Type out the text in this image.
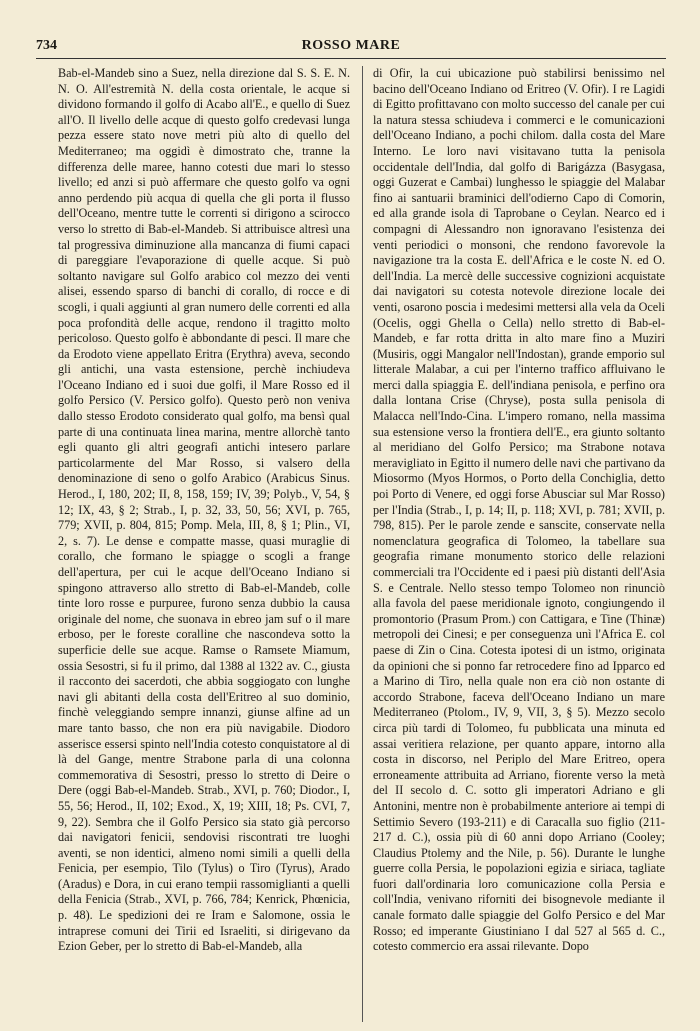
734	ROSSO MARE

Bab-el-Mandeb sino a Suez, nella direzione dal S. S. E. N. N. O. All'estremità N. della costa orientale, le acque si dividono formando il golfo di Acabo all'E., e quello di Suez all'O. Il livello delle acque di questo golfo credevasi lunga pezza essere stato nove metri più alto di quello del Mediterraneo; ma oggidì è dimostrato che, tranne la differenza delle maree, hanno cotesti due mari lo stesso livello; ed anzi si può affermare che questo golfo va ogni anno perdendo più acqua di quella che gli porta il flusso dell'Oceano, mentre tutte le correnti si dirigono a scirocco verso lo stretto di Bab-el-Mandeb. Si attribuisce altresì una tal progressiva diminuzione alla mancanza di fiumi capaci di pareggiare l'evaporazione di quelle acque. Si può soltanto navigare sul Golfo arabico col mezzo dei venti alisei, essendo sparso di banchi di corallo, di rocce e di scogli, i quali aggiunti al gran numero delle correnti ed alla poca profondità delle acque, rendono il tragitto molto pericoloso. Questo golfo è abbondante di pesci. Il mare che da Erodoto viene appellato Eritra (Erythra) aveva, secondo gli antichi, una vasta estensione, perchè inchiudeva l'Oceano Indiano ed i suoi due golfi, il Mare Rosso ed il golfo Persico (V. Persico golfo). Questo però non veniva dallo stesso Erodoto considerato qual golfo, ma bensì qual parte di una continuata linea marina, mentre allorchè tanto egli quanto gli altri geografi antichi intesero parlare particolarmente del Mar Rosso, si valsero della denominazione di seno o golfo Arabico (Arabicus Sinus. Herod., I, 180, 202; II, 8, 158, 159; IV, 39; Polyb., V, 54, § 12; IX, 43, § 2; Strab., I, p. 32, 33, 50, 56; XVI, p. 765, 779; XVII, p. 804, 815; Pomp. Mela, III, 8, § 1; Plin., VI, 2, s. 7). Le dense e compatte masse, quasi muraglie di corallo, che formano le spiagge o scogli a frange dell'apertura, per cui le acque dell'Oceano Indiano si spingono attraverso allo stretto di Bab-el-Mandeb, colle tinte loro rosse e purpuree, furono senza dubbio la causa originale del nome, che suonava in ebreo jam suf o il mare erboso, per le foreste coralline che nascondeva sotto la superficie delle sue acque. Ramse o Ramsete Miamum, ossia Sesostri, si fu il primo, dal 1388 al 1322 av. C., giusta il racconto dei sacerdoti, che abbia soggiogato con lunghe navi gli abitanti della costa dell'Eritreo al suo dominio, finchè veleggiando sempre innanzi, giunse alfine ad un mare tanto basso, che non era più navigabile. Diodoro asserisce essersi spinto nell'India cotesto conquistatore al di là del Gange, mentre Strabone parla di una colonna commemorativa di Sesostri, presso lo stretto di Deire o Dere (oggi Bab-el-Mandeb. Strab., XVI, p. 760; Diodor., I, 55, 56; Herod., II, 102; Exod., X, 19; XIII, 18; Ps. CVI, 7, 9, 22). Sembra che il Golfo Persico sia stato già percorso dai navigatori fenicii, sendovisi riscontrati tre luoghi aventi, se non identici, almeno nomi simili a quelli della Fenicia, per esempio, Tilo (Tylus) o Tiro (Tyrus), Arado (Aradus) e Dora, in cui erano tempii rassomiglianti a quelli della Fenicia (Strab., XVI, p. 766, 784; Kenrick, Phœnicia, p. 48). Le spedizioni dei re Iram e Salomone, ossia le intraprese comuni dei Tirii ed Israeliti, si dirigevano da Ezion Geber, per lo stretto di Bab-el-Mandeb, alla

di Ofir, la cui ubicazione può stabilirsi benissimo nel bacino dell'Oceano Indiano od Eritreo (V. Ofir). I re Lagidi di Egitto profittavano con molto successo del canale per cui la natura stessa schiudeva i commerci e le comunicazioni dell'Oceano Indiano, a pochi chilom. dalla costa del Mare Interno. Le loro navi visitavano tutta la penisola occidentale dell'India, dal golfo di Barigázza (Basygasa, oggi Guzerat e Cambai) lunghesso le spiaggie del Malabar fino ai santuarii braminici dell'odierno Capo di Comorin, ed alla grande isola di Taprobane o Ceylan. Nearco ed i compagni di Alessandro non ignoravano l'esistenza dei venti periodici o monsoni, che rendono favorevole la navigazione tra la costa E. dell'Africa e le coste N. ed O. dell'India. La mercè delle successive cognizioni acquistate dai navigatori su cotesta notevole direzione locale dei venti, osarono poscia i medesimi mettersi alla vela da Oceli (Ocelis, oggi Ghella o Cella) nello stretto di Bab-el-Mandeb, e far rotta dritta in alto mare fino a Muziri (Musiris, oggi Mangalor nell'Indostan), grande emporio sul litterale Malabar, a cui per l'interno traffico affluivano le merci dalla spiaggia E. dell'indiana penisola, e perfino ora dalla lontana Crise (Chryse), posta sulla penisola di Malacca nell'Indo-Cina. L'impero romano, nella massima sua estensione verso la frontiera dell'E., era giunto soltanto al meridiano del Golfo Persico; ma Strabone notava meravigliato in Egitto il numero delle navi che partivano da Miosormo (Myos Hormos, o Porto della Conchiglia, detto poi Porto di Venere, ed oggi forse Abusciar sul Mar Rosso) per l'India (Strab., I, p. 14; II, p. 118; XVI, p. 781; XVII, p. 798, 815). Per le parole zende e sanscite, conservate nella nomenclatura geografica di Tolomeo, la tabellare sua geografia rimane monumento storico delle relazioni commerciali tra l'Occidente ed i paesi più distanti dell'Asia S. e Centrale. Nello stesso tempo Tolomeo non rinunciò alla favola del paese meridionale ignoto, congiungendo il promontorio (Prasum Prom.) con Cattigara, e Tine (Thinæ) metropoli dei Cinesi; e per conseguenza unì l'Africa E. col paese di Zin o Cina. Cotesta ipotesi di un istmo, originata da opinioni che si ponno far retrocedere fino ad Ipparco ed a Marino di Tiro, nella quale non era ciò non ostante di accordo Strabone, faceva dell'Oceano Indiano un mare Mediterraneo (Ptolom., IV, 9, VII, 3, § 5). Mezzo secolo circa più tardi di Tolomeo, fu pubblicata una minuta ed assai veritiera relazione, per quanto appare, intorno alla costa in discorso, nel Periplo del Mare Eritreo, opera erroneamente attribuita ad Arriano, fiorente verso la metà del II secolo d. C. sotto gli imperatori Adriano e gli Antonini, mentre non è probabilmente anteriore ai tempi di Settimio Severo (193-211) e di Caracalla suo figlio (211-217 d. C.), ossia più di 60 anni dopo Arriano (Cooley; Claudius Ptolemy and the Nile, p. 56). Durante le lunghe guerre colla Persia, le popolazioni egizia e siriaca, tagliate fuori dall'ordinaria loro comunicazione colla Persia e coll'India, venivano riforniti dei bisognevole mediante il canale formato dalle spiaggie del Golfo Persico e del Mar Rosso; ed imperante Giustiniano I dal 527 al 565 d. C., cotesto commercio era assai rilevante. Dopo
